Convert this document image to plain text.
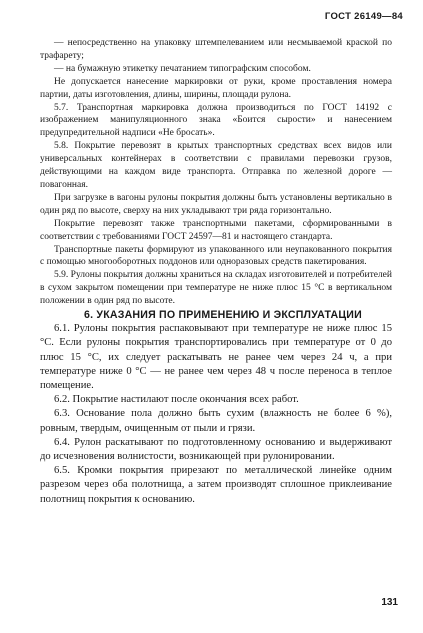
ГОСТ 26149—84

— непосредственно на упаковку штемпелеванием или несмываемой краской по трафарету;

— на бумажную этикетку печатанием типографским способом.

Не допускается нанесение маркировки от руки, кроме проставления номера партии, даты изготовления, длины, ширины, площади рулона.

5.7. Транспортная маркировка должна производиться по ГОСТ 14192 с изображением манипуляционного знака «Боится сырости» и нанесением предупредительной надписи «Не бросать».

5.8. Покрытие перевозят в крытых транспортных средствах всех видов или универсальных контейнерах в соответствии с правилами перевозки грузов, действующими на каждом виде транспорта. Отправка по железной дороге — повагонная.

При загрузке в вагоны рулоны покрытия должны быть установлены вертикально в один ряд по высоте, сверху на них укладывают три ряда горизонтально.

Покрытие перевозят также транспортными пакетами, сформированными в соответствии с требованиями ГОСТ 24597—81 и настоящего стандарта.

Транспортные пакеты формируют из упакованного или неупакованного покрытия с помощью многооборотных поддонов или одноразовых средств пакетирования.

5.9. Рулоны покрытия должны храниться на складах изготовителей и потребителей в сухом закрытом помещении при температуре не ниже плюс 15 °С в вертикальном положении в один ряд по высоте.

6. УКАЗАНИЯ ПО ПРИМЕНЕНИЮ И ЭКСПЛУАТАЦИИ

6.1. Рулоны покрытия распаковывают при температуре не ниже плюс 15 °С. Если рулоны покрытия транспортировались при температуре от 0 до плюс 15 °С, их следует раскатывать не ранее чем через 24 ч, а при температуре ниже 0 °С — не ранее чем через 48 ч после переноса в теплое помещение.

6.2. Покрытие настилают после окончания всех работ.

6.3. Основание пола должно быть сухим (влажность не более 6 %), ровным, твердым, очищенным от пыли и грязи.

6.4. Рулон раскатывают по подготовленному основанию и выдерживают до исчезновения волнистости, возникающей при рулонировании.

6.5. Кромки покрытия прирезают по металлической линейке одним разрезом через оба полотнища, а затем производят сплошное приклеивание полотнищ покрытия к основанию.

131
